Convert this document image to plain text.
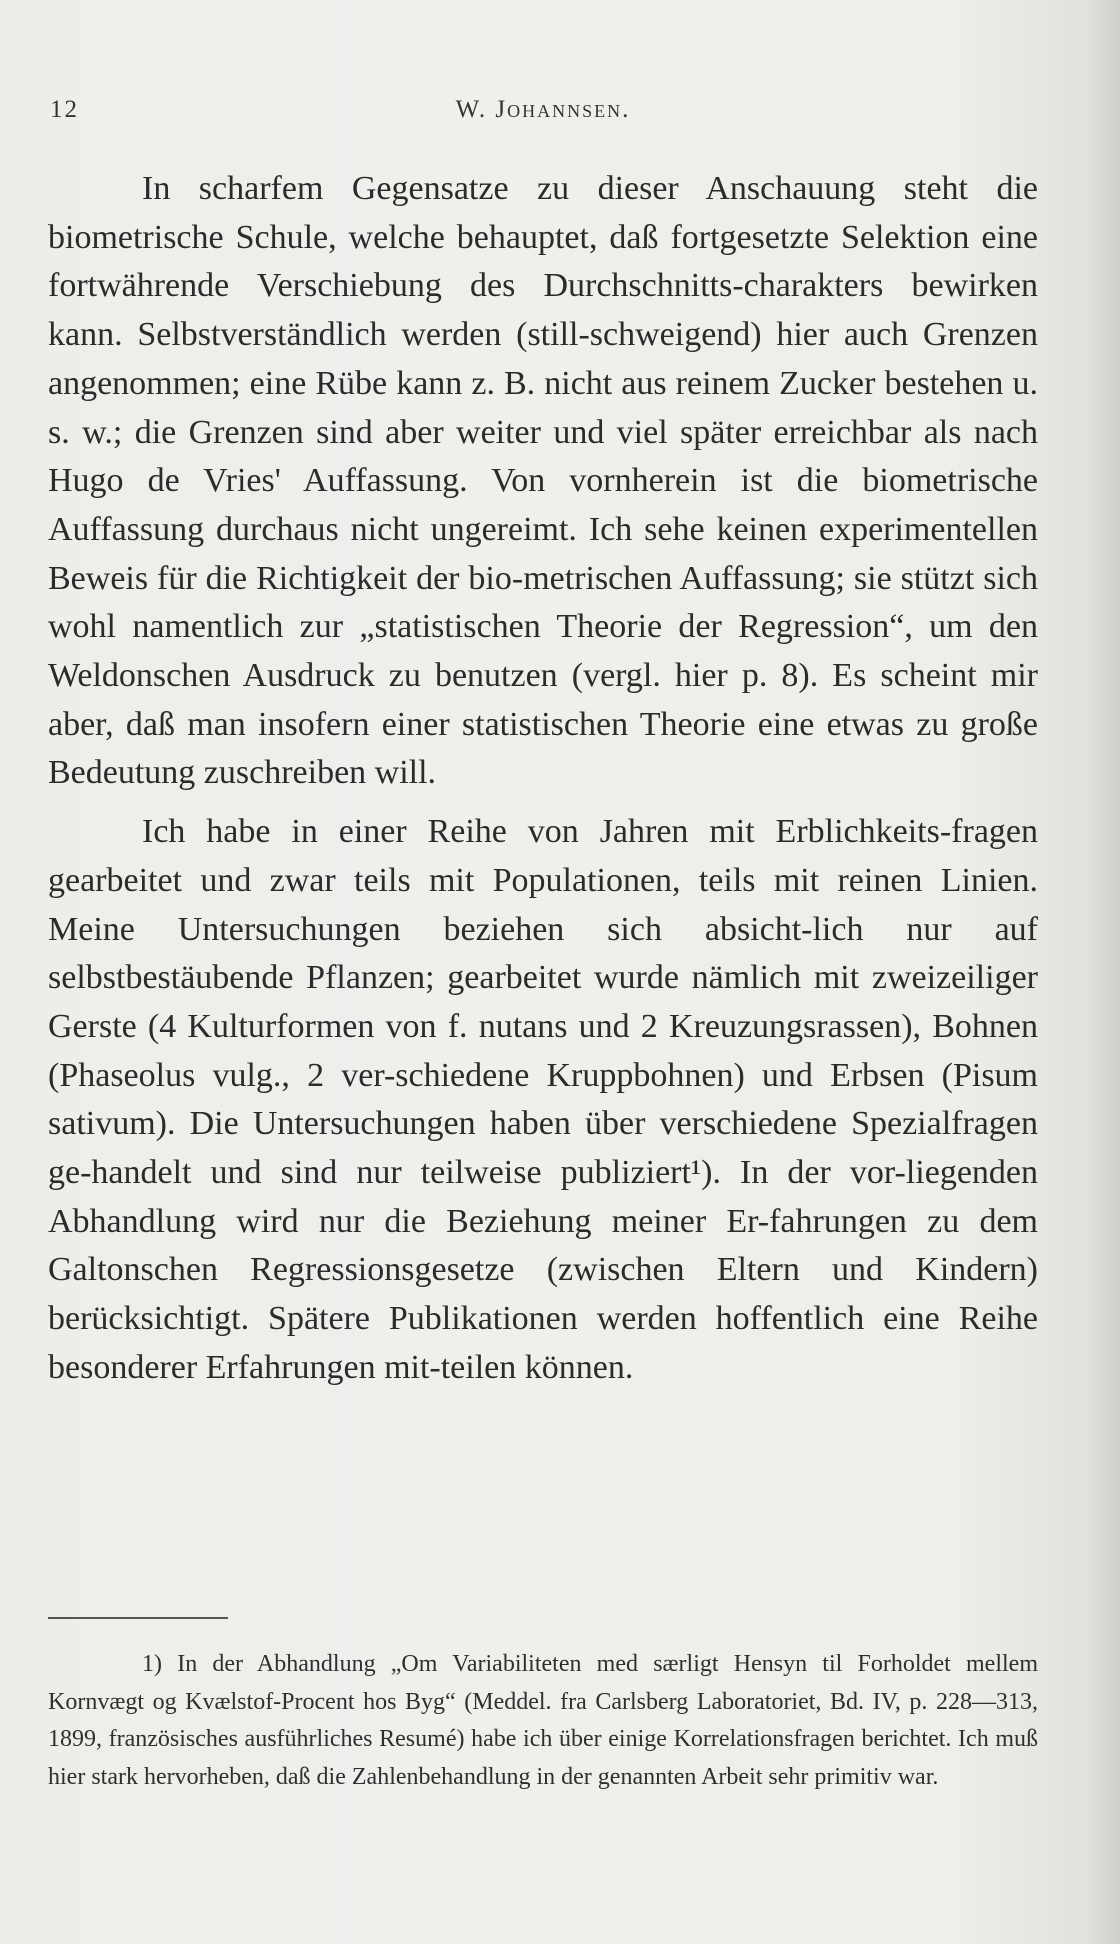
12	W. Johannsen.

In scharfem Gegensatze zu dieser Anschauung steht die biometrische Schule, welche behauptet, daß fortgesetzte Selektion eine fortwährende Verschiebung des Durchschnitts-charakters bewirken kann. Selbstverständlich werden (still-schweigend) hier auch Grenzen angenommen; eine Rübe kann z. B. nicht aus reinem Zucker bestehen u. s. w.; die Grenzen sind aber weiter und viel später erreichbar als nach Hugo de Vries' Auffassung. Von vornherein ist die biometrische Auffassung durchaus nicht ungereimt. Ich sehe keinen experimentellen Beweis für die Richtigkeit der bio-metrischen Auffassung; sie stützt sich wohl namentlich zur „statistischen Theorie der Regression“, um den Weldonschen Ausdruck zu benutzen (vergl. hier p. 8). Es scheint mir aber, daß man insofern einer statistischen Theorie eine etwas zu große Bedeutung zuschreiben will.

Ich habe in einer Reihe von Jahren mit Erblichkeits-fragen gearbeitet und zwar teils mit Populationen, teils mit reinen Linien. Meine Untersuchungen beziehen sich absicht-lich nur auf selbstbestäubende Pflanzen; gearbeitet wurde nämlich mit zweizeiliger Gerste (4 Kulturformen von f. nutans und 2 Kreuzungsrassen), Bohnen (Phaseolus vulg., 2 ver-schiedene Kruppbohnen) und Erbsen (Pisum sativum). Die Untersuchungen haben über verschiedene Spezialfragen ge-handelt und sind nur teilweise publiziert¹). In der vor-liegenden Abhandlung wird nur die Beziehung meiner Er-fahrungen zu dem Galtonschen Regressionsgesetze (zwischen Eltern und Kindern) berücksichtigt. Spätere Publikationen werden hoffentlich eine Reihe besonderer Erfahrungen mit-teilen können.

1) In der Abhandlung „Om Variabiliteten med særligt Hensyn til Forholdet mellem Kornvægt og Kvælstof-Procent hos Byg“ (Meddel. fra Carlsberg Laboratoriet, Bd. IV, p. 228—313, 1899, französisches ausführliches Resumé) habe ich über einige Korrelationsfragen berichtet. Ich muß hier stark hervorheben, daß die Zahlenbehandlung in der genannten Arbeit sehr primitiv war.
